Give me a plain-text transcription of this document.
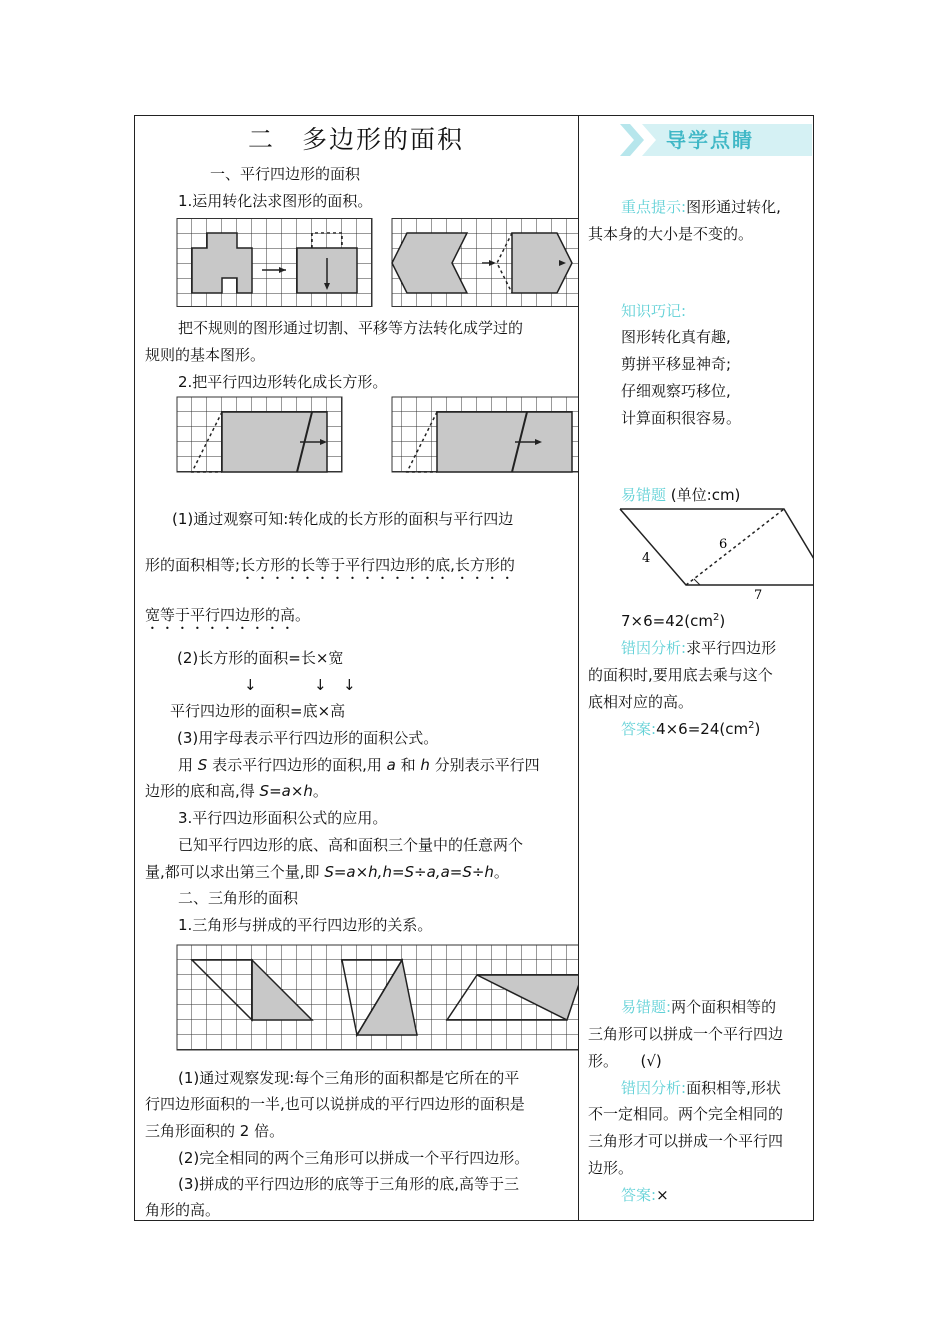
二　多边形的面积
一、平行四边形的面积
1.运用转化法求图形的面积。
把不规则的图形通过切割、平移等方法转化成学过的
规则的基本图形。
2.把平行四边形转化成长方形。
(1)通过观察可知:转化成的长方形的面积与平行四边
形的面积相等;长方形的长等于平行四边形的底,长方形的
宽等于平行四边形的高。
(2)长方形的面积=长×宽
↓	↓ ↓
平行四边形的面积=底×高
(3)用字母表示平行四边形的面积公式。
用 S 表示平行四边形的面积,用 a 和 h 分别表示平行四
边形的底和高,得 S=a×h。
3.平行四边形面积公式的应用。
已知平行四边形的底、高和面积三个量中的任意两个
量,都可以求出第三个量,即 S=a×h,h=S÷a,a=S÷h。
二、三角形的面积
1.三角形与拼成的平行四边形的关系。
(1)通过观察发现:每个三角形的面积都是它所在的平
行四边形面积的一半,也可以说拼成的平行四边形的面积是
三角形面积的 2 倍。
(2)完全相同的两个三角形可以拼成一个平行四边形。
(3)拼成的平行四边形的底等于三角形的底,高等于三
角形的高。
导学点睛
重点提示:图形通过转化,
其本身的大小是不变的。
知识巧记:
图形转化真有趣,
剪拼平移显神奇;
仔细观察巧移位,
计算面积很容易。
易错题 (单位:cm)
4
6
7
$7\times 6=42(cm^2)$
错因分析:求平行四边形
的面积时,要用底去乘与这个
底相对应的高。
答案$:4\times 6=24(cm^2)$
易错题:两个面积相等的
三角形可以拼成一个平行四边
形。　　(√)
错因分析:面积相等,形状
不一定相同。两个完全相同的
三角形才可以拼成一个平行四
边形。
答案:×
